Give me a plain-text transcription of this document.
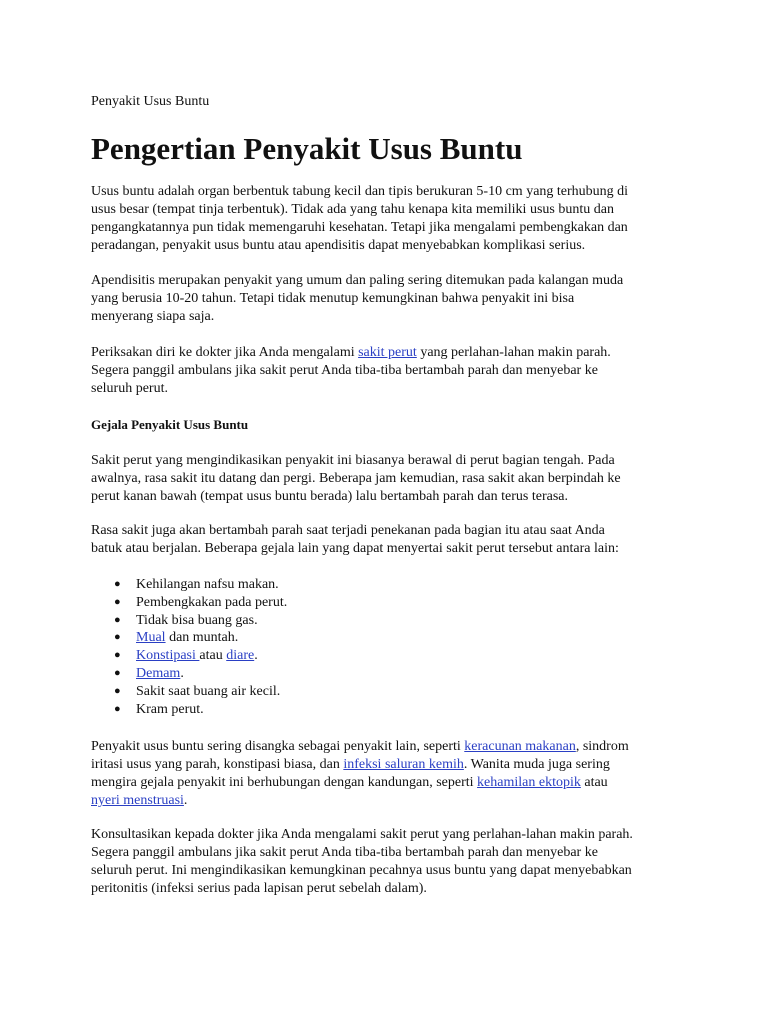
Penyakit Usus Buntu

Pengertian Penyakit Usus Buntu

Usus buntu adalah organ berbentuk tabung kecil dan tipis berukuran 5-10 cm yang terhubung di
usus besar (tempat tinja terbentuk). Tidak ada yang tahu kenapa kita memiliki usus buntu dan
pengangkatannya pun tidak memengaruhi kesehatan. Tetapi jika mengalami pembengkakan dan
peradangan, penyakit usus buntu atau apendisitis dapat menyebabkan komplikasi serius.

Apendisitis merupakan penyakit yang umum dan paling sering ditemukan pada kalangan muda
yang berusia 10-20 tahun. Tetapi tidak menutup kemungkinan bahwa penyakit ini bisa
menyerang siapa saja.

Periksakan diri ke dokter jika Anda mengalami sakit perut yang perlahan-lahan makin parah.
Segera panggil ambulans jika sakit perut Anda tiba-tiba bertambah parah dan menyebar ke
seluruh perut.

Gejala Penyakit Usus Buntu

Sakit perut yang mengindikasikan penyakit ini biasanya berawal di perut bagian tengah. Pada
awalnya, rasa sakit itu datang dan pergi. Beberapa jam kemudian, rasa sakit akan berpindah ke
perut kanan bawah (tempat usus buntu berada) lalu bertambah parah dan terus terasa.

Rasa sakit juga akan bertambah parah saat terjadi penekanan pada bagian itu atau saat Anda
batuk atau berjalan. Beberapa gejala lain yang dapat menyertai sakit perut tersebut antara lain:

● Kehilangan nafsu makan.
● Pembengkakan pada perut.
● Tidak bisa buang gas.
● Mual dan muntah.
● Konstipasi atau diare.
● Demam.
● Sakit saat buang air kecil.
● Kram perut.

Penyakit usus buntu sering disangka sebagai penyakit lain, seperti keracunan makanan, sindrom
iritasi usus yang parah, konstipasi biasa, dan infeksi saluran kemih. Wanita muda juga sering
mengira gejala penyakit ini berhubungan dengan kandungan, seperti kehamilan ektopik atau
nyeri menstruasi.

Konsultasikan kepada dokter jika Anda mengalami sakit perut yang perlahan-lahan makin parah.
Segera panggil ambulans jika sakit perut Anda tiba-tiba bertambah parah dan menyebar ke
seluruh perut. Ini mengindikasikan kemungkinan pecahnya usus buntu yang dapat menyebabkan
peritonitis (infeksi serius pada lapisan perut sebelah dalam).
